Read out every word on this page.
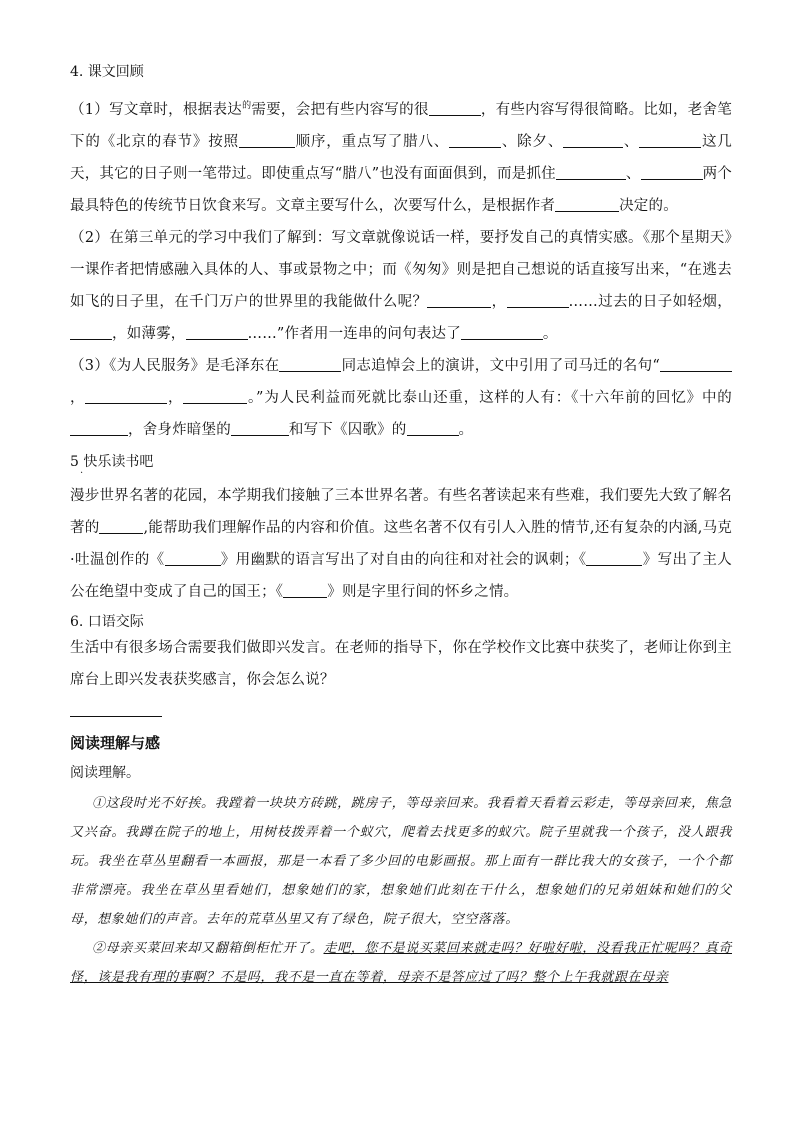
4. 课文回顾

（1）写文章时，根据表达$^的$需要，会把有些内容写的很	，有些内容写得很简略。比如，老舍笔下的《北京的春节》按照	顺序，重点写了腊八、	、除夕、	、	这几天，其它的日子则一笔带过。即使重点写“腊八”也没有面面俱到，而是抓住	、	两个最具特色的传统节日饮食来写。文章主要写什么，次要写什么，是根据作者	决定的。

（2）在第三单元的学习中我们了解到：写文章就像说话一样，要抒发自己的真情实感。《那个星期天》一课作者把情感融入具体的人、事或景物之中；而《匆匆》则是把自己想说的话直接写出来，“在逃去如飞的日子里，在千门万户的世界里的我能做什么呢？	，	……过去的日子如轻烟，，如薄雾，	……”作者用一连串的问句表达了	。

（3）《为人民服务》是毛泽东在	同志追悼会上的演讲，文中引用了司马迁的名句“，	，	。”为人民利益而死就比泰山还重，这样的人有：《十六年前的回忆》中的，舍身炸暗堡的	和写下《囚歌》的	。

5 快乐读书吧

·

漫步世界名著的花园，本学期我们接触了三本世界名著。有些名著读起来有些难，我们要先大致了解名著的	,能帮助我们理解作品的内容和价值。这些名著不仅有引人入胜的情节,还有复杂的内涵,马克·吐温创作的《	》用幽默的语言写出了对自由的向往和对社会的讽刺；《	》写出了主人公在绝望中变成了自己的国王；《	》则是字里行间的怀乡之情。

6. 口语交际

生活中有很多场合需要我们做即兴发言。在老师的指导下，你在学校作文比赛中获奖了，老师让你到主席台上即兴发表获奖感言，你会怎么说？

阅读理解与感

阅读理解。

①这段时光不好挨。我蹚着一块块方砖跳，跳房子，等母亲回来。我看着天看着云彩走，等母亲回来，焦急又兴奋。我蹲在院子的地上，用树枝拨弄着一个蚁穴，爬着去找更多的蚁穴。院子里就我一个孩子，没人跟我玩。我坐在草丛里翻看一本画报，那是一本看了多少回的电影画报。那上面有一群比我大的女孩子，一个个都非常漂亮。我坐在草丛里看她们，想象她们的家，想象她们此刻在干什么，想象她们的兄弟姐妹和她们的父母，想象她们的声音。去年的荒草丛里又有了绿色，院子很大，空空落落。

②母亲买菜回来却又翻箱倒柜忙开了。走吧，您不是说买菜回来就走吗？好啦好啦，没看我正忙呢吗？真奇怪，该是我有理的事啊？不是吗，我不是一直在等着，母亲不是答应过了吗？整个上午我就跟在母亲
